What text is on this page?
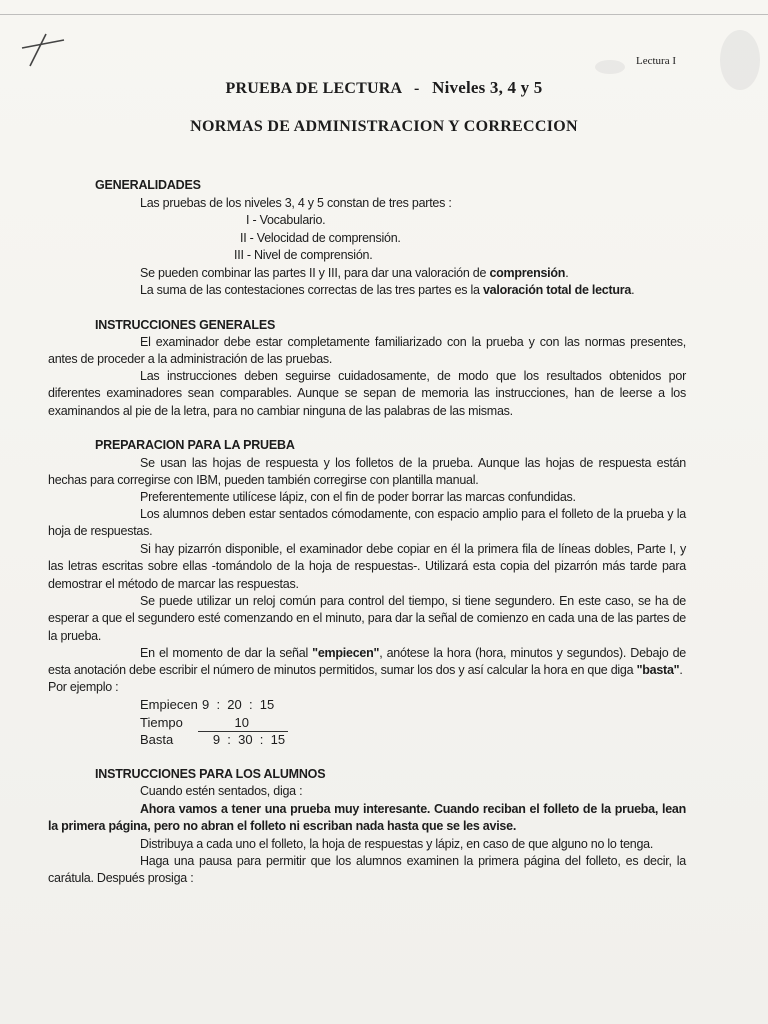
Lectura I
PRUEBA DE LECTURA   -   Niveles 3, 4 y 5
NORMAS DE ADMINISTRACION Y CORRECCION
GENERALIDADES
Las pruebas de los niveles 3, 4 y 5 constan de tres partes :
I - Vocabulario.
II - Velocidad de comprensión.
III - Nivel de comprensión.
Se pueden combinar las partes II y III, para dar una valoración de comprensión.
La suma de las contestaciones correctas de las tres partes es la valoración total de lectura.
INSTRUCCIONES GENERALES
El examinador debe estar completamente familiarizado con la prueba y con las normas presentes, antes de proceder a la administración de las pruebas.
Las instrucciones deben seguirse cuidadosamente, de modo que los resultados obtenidos por diferentes examinadores sean comparables. Aunque se sepan de memoria las instrucciones, han de leerse a los examinandos al pie de la letra, para no cambiar ninguna de las palabras de las mismas.
PREPARACION PARA LA PRUEBA
Se usan las hojas de respuesta y los folletos de la prueba. Aunque las hojas de respuesta están hechas para corregirse con IBM, pueden también corregirse con plantilla manual.
Preferentemente utilícese lápiz, con el fin de poder borrar las marcas confundidas.
Los alumnos deben estar sentados cómodamente, con espacio amplio para el folleto de la prueba y la hoja de respuestas.
Si hay pizarrón disponible, el examinador debe copiar en él la primera fila de líneas dobles, Parte I, y las letras escritas sobre ellas -tomándolo de la hoja de respuestas-. Utilizará esta copia del pizarrón más tarde para demostrar el método de marcar las respuestas.
Se puede utilizar un reloj común para control del tiempo, si tiene segundero. En este caso, se ha de esperar a que el segundero esté comenzando en el minuto, para dar la señal de comienzo en cada una de las partes de la prueba.
En el momento de dar la señal "empiecen", anótese la hora (hora, minutos y segundos). Debajo de esta anotación debe escribir el número de minutos permitidos, sumar los dos y así calcular la hora en que diga "basta".
Por ejemplo :
Empiecen 9  :  20  :  15
Tiempo         10
Basta   9  :  30  :  15
INSTRUCCIONES PARA LOS ALUMNOS
Cuando estén sentados, diga :
Ahora vamos a tener una prueba muy interesante. Cuando reciban el folleto de la prueba, lean la primera página, pero no abran el folleto ni escriban nada hasta que se les avise.
Distribuya a cada uno el folleto, la hoja de respuestas y lápiz, en caso de que alguno no lo tenga.
Haga una pausa para permitir que los alumnos examinen la primera página del folleto, es decir, la carátula. Después prosiga :
